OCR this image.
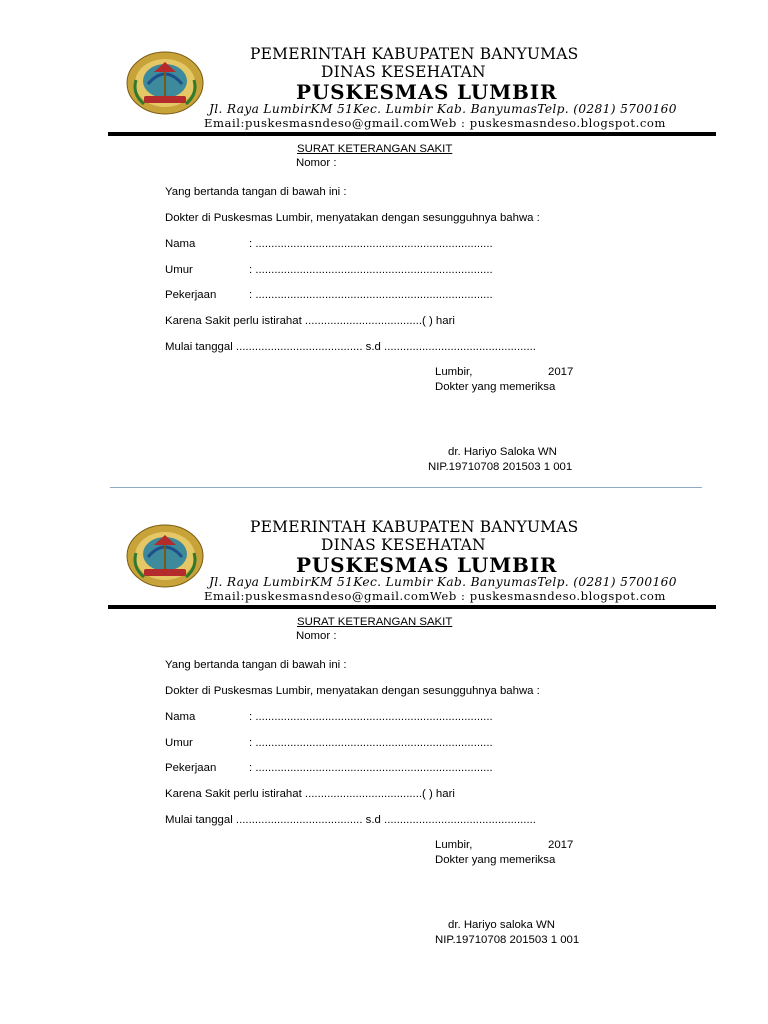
PEMERINTAH KABUPATEN BANYUMAS
DINAS KESEHATAN
PUSKESMAS LUMBIR
Jl. Raya LumbirKM 51Kec. Lumbir Kab. BanyumasTelp. (0281) 5700160
Email:puskesmasndeso@gmail.comWeb : puskesmasndeso.blogspot.com
SURAT KETERANGAN SAKIT
Nomor :
Yang bertanda tangan di bawah ini :
Dokter di Puskesmas Lumbir, menyatakan dengan sesungguhnya bahwa :
Nama	: ...........................................................................
Umur	: ...........................................................................
Pekerjaan	: ...........................................................................
Karena Sakit perlu istirahat .....................................( ) hari
Mulai tanggal ........................................ s.d ................................................
Lumbir,	2017
Dokter yang memeriksa
dr. Hariyo Saloka WN
NIP.19710708 201503 1 001
PEMERINTAH KABUPATEN BANYUMAS
DINAS KESEHATAN
PUSKESMAS LUMBIR
Jl. Raya LumbirKM 51Kec. Lumbir Kab. BanyumasTelp. (0281) 5700160
Email:puskesmasndeso@gmail.comWeb : puskesmasndeso.blogspot.com
SURAT KETERANGAN SAKIT
Nomor :
Yang bertanda tangan di bawah ini :
Dokter di Puskesmas Lumbir, menyatakan dengan sesungguhnya bahwa :
Nama	: ...........................................................................
Umur	: ...........................................................................
Pekerjaan	: ...........................................................................
Karena Sakit perlu istirahat .....................................( ) hari
Mulai tanggal ........................................ s.d ................................................
Lumbir,	2017
Dokter yang memeriksa
dr. Hariyo saloka WN
NIP.19710708 201503 1 001
